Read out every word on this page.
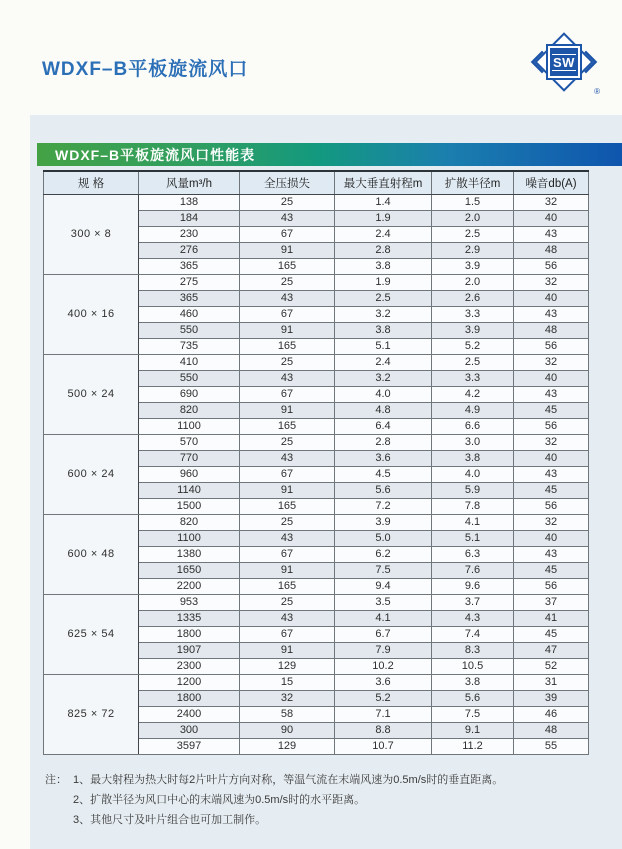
WDXF–B平板旋流风口	SW
®
WDXF–B平板旋流风口性能表
规 格	风量m³/h	全压损失	最大垂直射程m	扩散半径m	噪音db(A)
300 × 8	138	25	1.4	1.5	32
	184	43	1.9	2.0	40
	230	67	2.4	2.5	43
	276	91	2.8	2.9	48
	365	165	3.8	3.9	56
400 × 16	275	25	1.9	2.0	32
	365	43	2.5	2.6	40
	460	67	3.2	3.3	43
	550	91	3.8	3.9	48
	735	165	5.1	5.2	56
500 × 24	410	25	2.4	2.5	32
	550	43	3.2	3.3	40
	690	67	4.0	4.2	43
	820	91	4.8	4.9	45
	1100	165	6.4	6.6	56
600 × 24	570	25	2.8	3.0	32
	770	43	3.6	3.8	40
	960	67	4.5	4.0	43
	1140	91	5.6	5.9	45
	1500	165	7.2	7.8	56
600 × 48	820	25	3.9	4.1	32
	1100	43	5.0	5.1	40
	1380	67	6.2	6.3	43
	1650	91	7.5	7.6	45
	2200	165	9.4	9.6	56
625 × 54	953	25	3.5	3.7	37
	1335	43	4.1	4.3	41
	1800	67	6.7	7.4	45
	1907	91	7.9	8.3	47
	2300	129	10.2	10.5	52
825 × 72	1200	15	3.6	3.8	31
	1800	32	5.2	5.6	39
	2400	58	7.1	7.5	46
	300	90	8.8	9.1	48
	3597	129	10.7	11.2	55
注： 1、最大射程为热大时每2片叶片方向对称，等温气流在末端风速为0.5m/s时的垂直距离。
2、扩散半径为风口中心的末端风速为0.5m/s时的水平距离。
3、其他尺寸及叶片组合也可加工制作。
